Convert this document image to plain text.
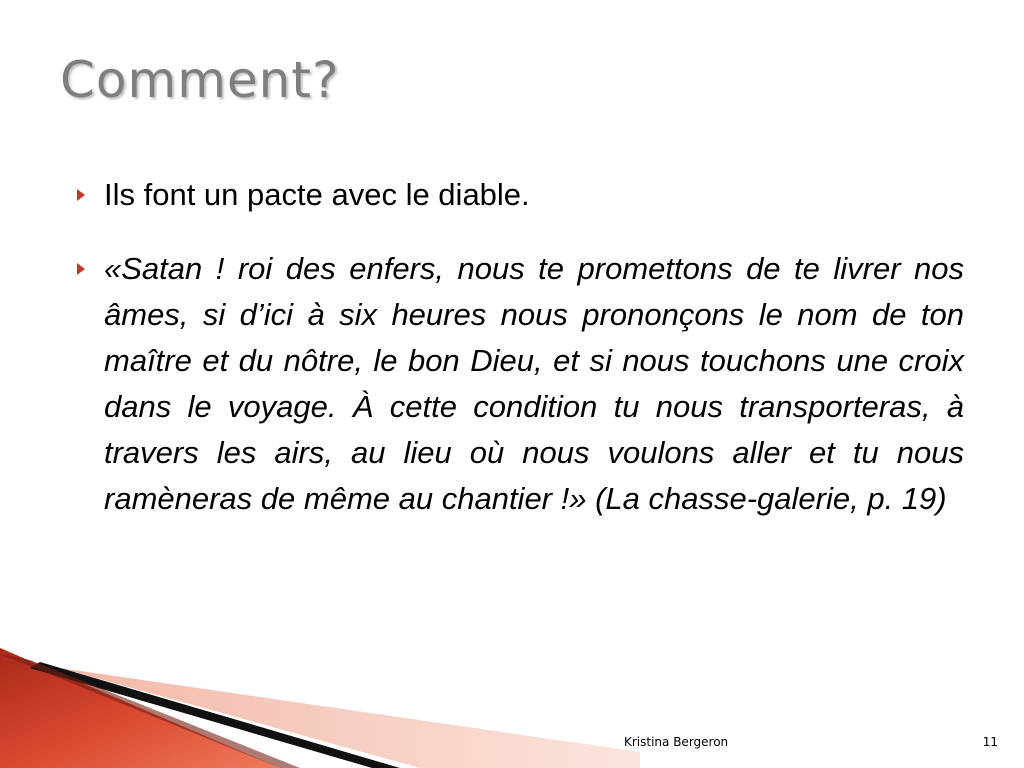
Comment?
Ils font un pacte avec le diable.
«Satan ! roi des enfers, nous te promettons de te livrer nos âmes, si d’ici à six heures nous prononçons le nom de ton maître et du nôtre, le bon Dieu, et si nous touchons une croix dans le voyage. À cette condition tu nous transporteras, à travers les airs, au lieu où nous voulons aller et tu nous ramèneras de même au chantier !» (La chasse-galerie, p. 19)
Kristina Bergeron	11
